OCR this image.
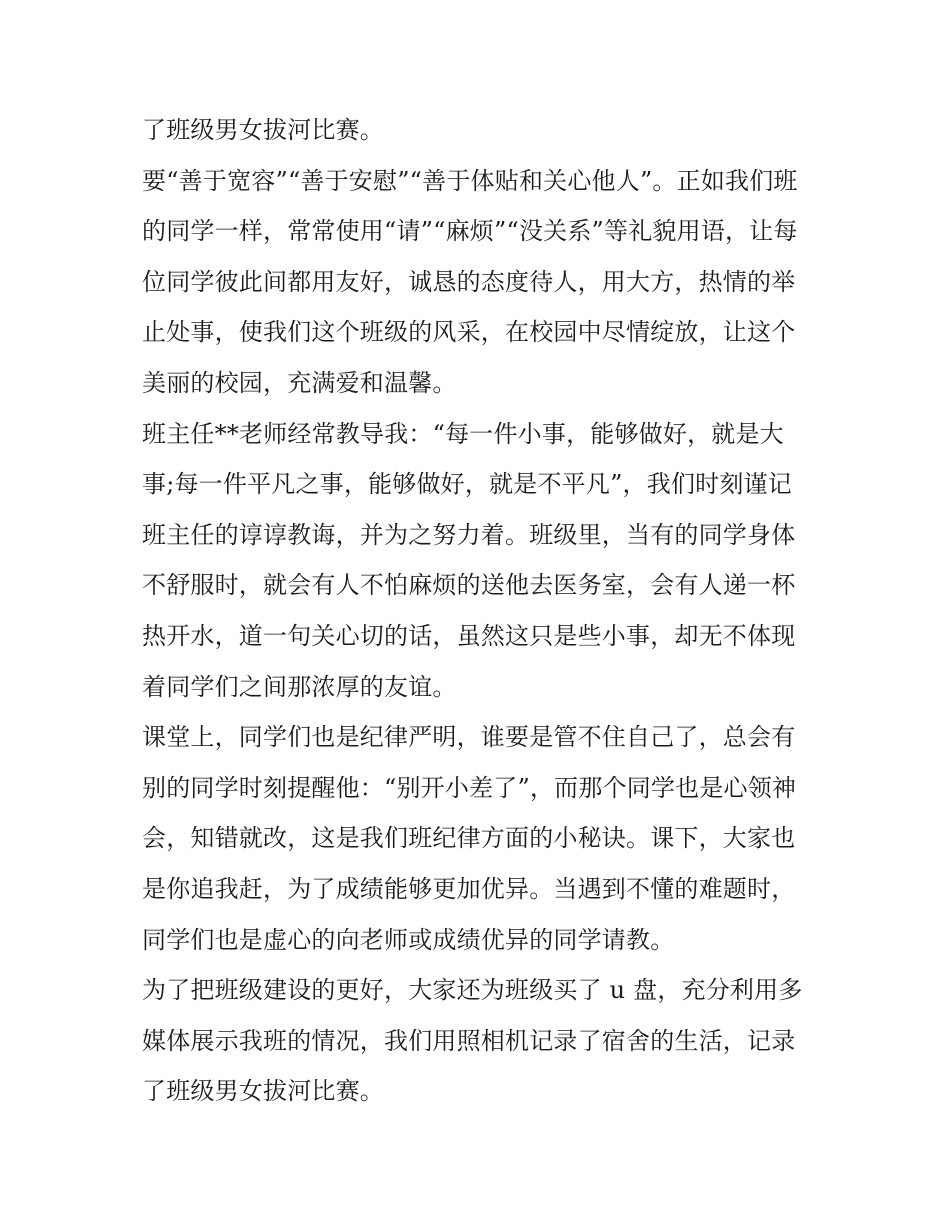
了班级男女拔河比赛。
要“善于宽容”“善于安慰”“善于体贴和关心他人”。正如我们班
的同学一样，常常使用“请”“麻烦”“没关系”等礼貌用语，让每
位同学彼此间都用友好，诚恳的态度待人，用大方，热情的举
止处事，使我们这个班级的风采，在校园中尽情绽放，让这个
美丽的校园，充满爱和温馨。
班主任**老师经常教导我：“每一件小事，能够做好，就是大
事;每一件平凡之事，能够做好，就是不平凡”，我们时刻谨记
班主任的谆谆教诲，并为之努力着。班级里，当有的同学身体
不舒服时，就会有人不怕麻烦的送他去医务室，会有人递一杯
热开水，道一句关心切的话，虽然这只是些小事，却无不体现
着同学们之间那浓厚的友谊。
课堂上，同学们也是纪律严明，谁要是管不住自己了，总会有
别的同学时刻提醒他：“别开小差了”，而那个同学也是心领神
会，知错就改，这是我们班纪律方面的小秘诀。课下，大家也
是你追我赶，为了成绩能够更加优异。当遇到不懂的难题时，
同学们也是虚心的向老师或成绩优异的同学请教。
为了把班级建设的更好，大家还为班级买了 u 盘，充分利用多
媒体展示我班的情况，我们用照相机记录了宿舍的生活，记录
了班级男女拔河比赛。
